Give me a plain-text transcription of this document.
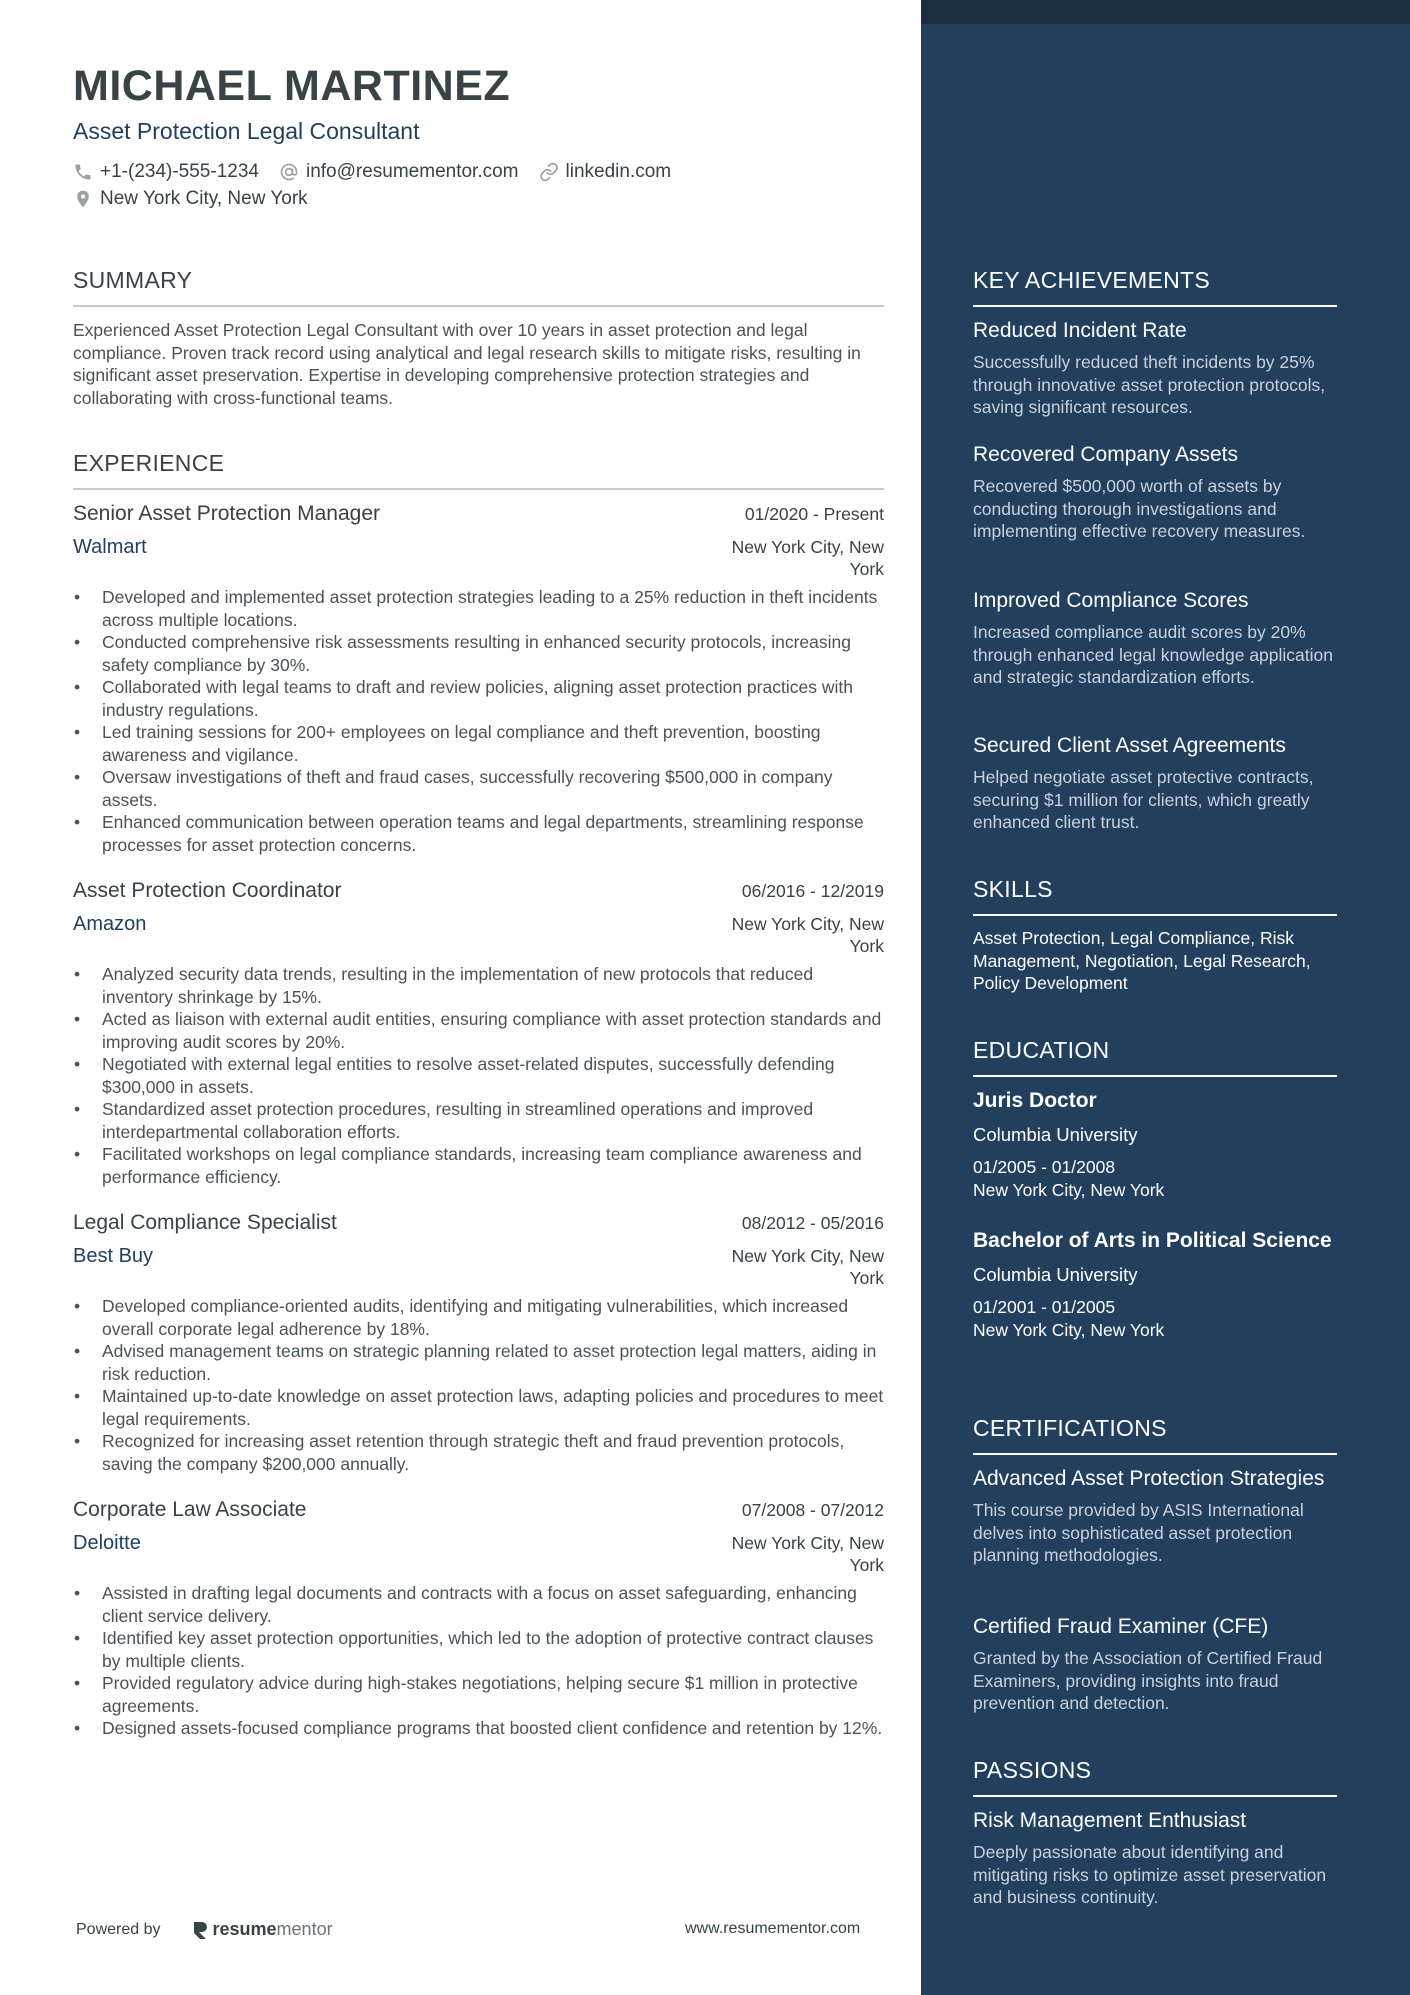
MICHAEL MARTINEZ
Asset Protection Legal Consultant
+1-(234)-555-1234 info@resumementor.com linkedin.com
New York City, New York
SUMMARY
Experienced Asset Protection Legal Consultant with over 10 years in asset protection and legal compliance. Proven track record using analytical and legal research skills to mitigate risks, resulting in significant asset preservation. Expertise in developing comprehensive protection strategies and collaborating with cross-functional teams.
EXPERIENCE
Senior Asset Protection Manager	01/2020 - Present
Walmart	New York City, New York
• Developed and implemented asset protection strategies leading to a 25% reduction in theft incidents across multiple locations.
• Conducted comprehensive risk assessments resulting in enhanced security protocols, increasing safety compliance by 30%.
• Collaborated with legal teams to draft and review policies, aligning asset protection practices with industry regulations.
• Led training sessions for 200+ employees on legal compliance and theft prevention, boosting awareness and vigilance.
• Oversaw investigations of theft and fraud cases, successfully recovering $500,000 in company assets.
• Enhanced communication between operation teams and legal departments, streamlining response processes for asset protection concerns.
Asset Protection Coordinator	06/2016 - 12/2019
Amazon	New York City, New York
• Analyzed security data trends, resulting in the implementation of new protocols that reduced inventory shrinkage by 15%.
• Acted as liaison with external audit entities, ensuring compliance with asset protection standards and improving audit scores by 20%.
• Negotiated with external legal entities to resolve asset-related disputes, successfully defending $300,000 in assets.
• Standardized asset protection procedures, resulting in streamlined operations and improved interdepartmental collaboration efforts.
• Facilitated workshops on legal compliance standards, increasing team compliance awareness and performance efficiency.
Legal Compliance Specialist	08/2012 - 05/2016
Best Buy	New York City, New York
• Developed compliance-oriented audits, identifying and mitigating vulnerabilities, which increased overall corporate legal adherence by 18%.
• Advised management teams on strategic planning related to asset protection legal matters, aiding in risk reduction.
• Maintained up-to-date knowledge on asset protection laws, adapting policies and procedures to meet legal requirements.
• Recognized for increasing asset retention through strategic theft and fraud prevention protocols, saving the company $200,000 annually.
Corporate Law Associate	07/2008 - 07/2012
Deloitte	New York City, New York
• Assisted in drafting legal documents and contracts with a focus on asset safeguarding, enhancing client service delivery.
• Identified key asset protection opportunities, which led to the adoption of protective contract clauses by multiple clients.
• Provided regulatory advice during high-stakes negotiations, helping secure $1 million in protective agreements.
• Designed assets-focused compliance programs that boosted client confidence and retention by 12%.
Powered by	resume mentor	www.resumementor.com
KEY ACHIEVEMENTS
Reduced Incident Rate
Successfully reduced theft incidents by 25% through innovative asset protection protocols, saving significant resources.
Recovered Company Assets
Recovered $500,000 worth of assets by conducting thorough investigations and implementing effective recovery measures.
Improved Compliance Scores
Increased compliance audit scores by 20% through enhanced legal knowledge application and strategic standardization efforts.
Secured Client Asset Agreements
Helped negotiate asset protective contracts, securing $1 million for clients, which greatly enhanced client trust.
SKILLS
Asset Protection, Legal Compliance, Risk Management, Negotiation, Legal Research, Policy Development
EDUCATION
Juris Doctor
Columbia University
01/2005 - 01/2008
New York City, New York
Bachelor of Arts in Political Science
Columbia University
01/2001 - 01/2005
New York City, New York
CERTIFICATIONS
Advanced Asset Protection Strategies
This course provided by ASIS International delves into sophisticated asset protection planning methodologies.
Certified Fraud Examiner (CFE)
Granted by the Association of Certified Fraud Examiners, providing insights into fraud prevention and detection.
PASSIONS
Risk Management Enthusiast
Deeply passionate about identifying and mitigating risks to optimize asset preservation and business continuity.
